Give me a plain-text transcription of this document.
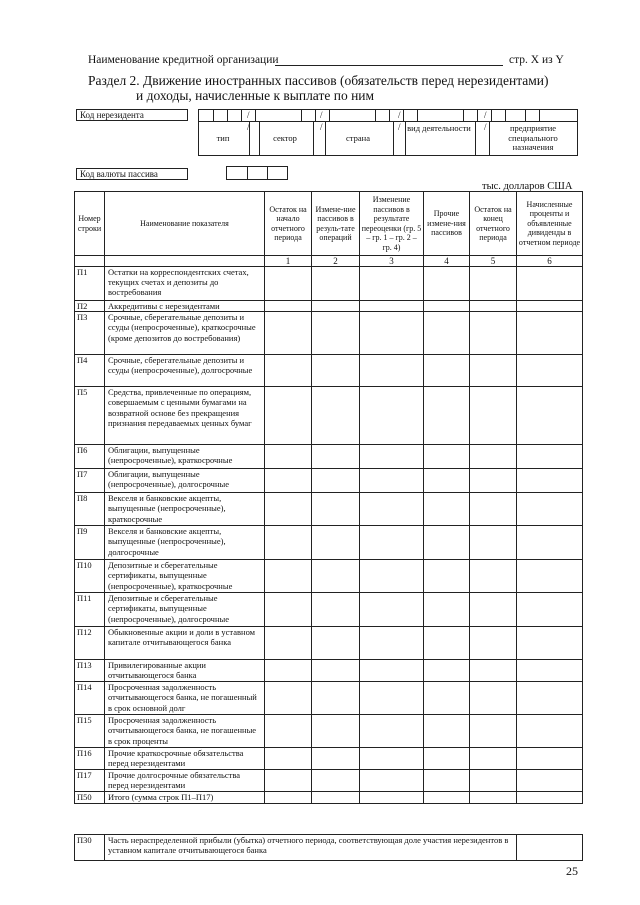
Наименование кредитной организации	стр. X из Y
Раздел 2. Движение иностранных пассивов (обязательств перед нерезидентами)
и доходы, начисленные к выплате по ним
Код нерезидента	/	/	/	/
/	/	/	/
тип	сектор	страна
вид деятельности	предприятие специального назначения
Код валюты пассива
тыс. долларов США
Номер строки	Наименование показателя	Остаток на начало отчетного периода	Измене-ние пассивов в резуль-тате операций	Изменение пассивов в результате переоценки (гр. 5 – гр. 1 – гр. 2 – гр. 4)	Прочие измене-ния пассивов	Остаток на конец отчетного периода	Начисленные проценты и объявленные дивиденды в отчетном периоде
		1	2	3	4	5	6
П1	Остатки на корреспондентских счетах, текущих счетах и депозиты до востребования						
П2	Аккредитивы с нерезидентами						
П3	Срочные, сберегательные депозиты и ссуды (непросроченные), краткосрочные (кроме депозитов до востребования)						
П4	Срочные, сберегательные депозиты и ссуды (непросроченные), долгосрочные						
П5	Средства, привлеченные по операциям, совершаемым с ценными бумагами на возвратной основе без прекращения признания передаваемых ценных бумаг						
П6	Облигации, выпущенные (непросроченные), краткосрочные						
П7	Облигации, выпущенные (непросроченные), долгосрочные						
П8	Векселя и банковские акцепты, выпущенные (непросроченные), краткосрочные						
П9	Векселя и банковские акцепты, выпущенные (непросроченные), долгосрочные						
П10	Депозитные и сберегательные сертификаты, выпущенные (непросроченные), краткосрочные						
П11	Депозитные и сберегательные сертификаты, выпущенные (непросроченные), долгосрочные						
П12	Обыкновенные акции и доли в уставном капитале отчитывающегося банка						
П13	Привилегированные акции отчитывающегося банка						
П14	Просроченная задолженность отчитывающегося банка, не погашенный в срок основной долг						
П15	Просроченная задолженность отчитывающегося банка, не погашенные в срок проценты						
П16	Прочие краткосрочные обязательства перед нерезидентами						
П17	Прочие долгосрочные обязательства перед нерезидентами						
П50	Итого (сумма строк П1–П17)						
П30	Часть нераспределенной прибыли (убытка) отчетного периода, соответствующая доле участия нерезидентов в уставном капитале отчитывающегося банка	
25
